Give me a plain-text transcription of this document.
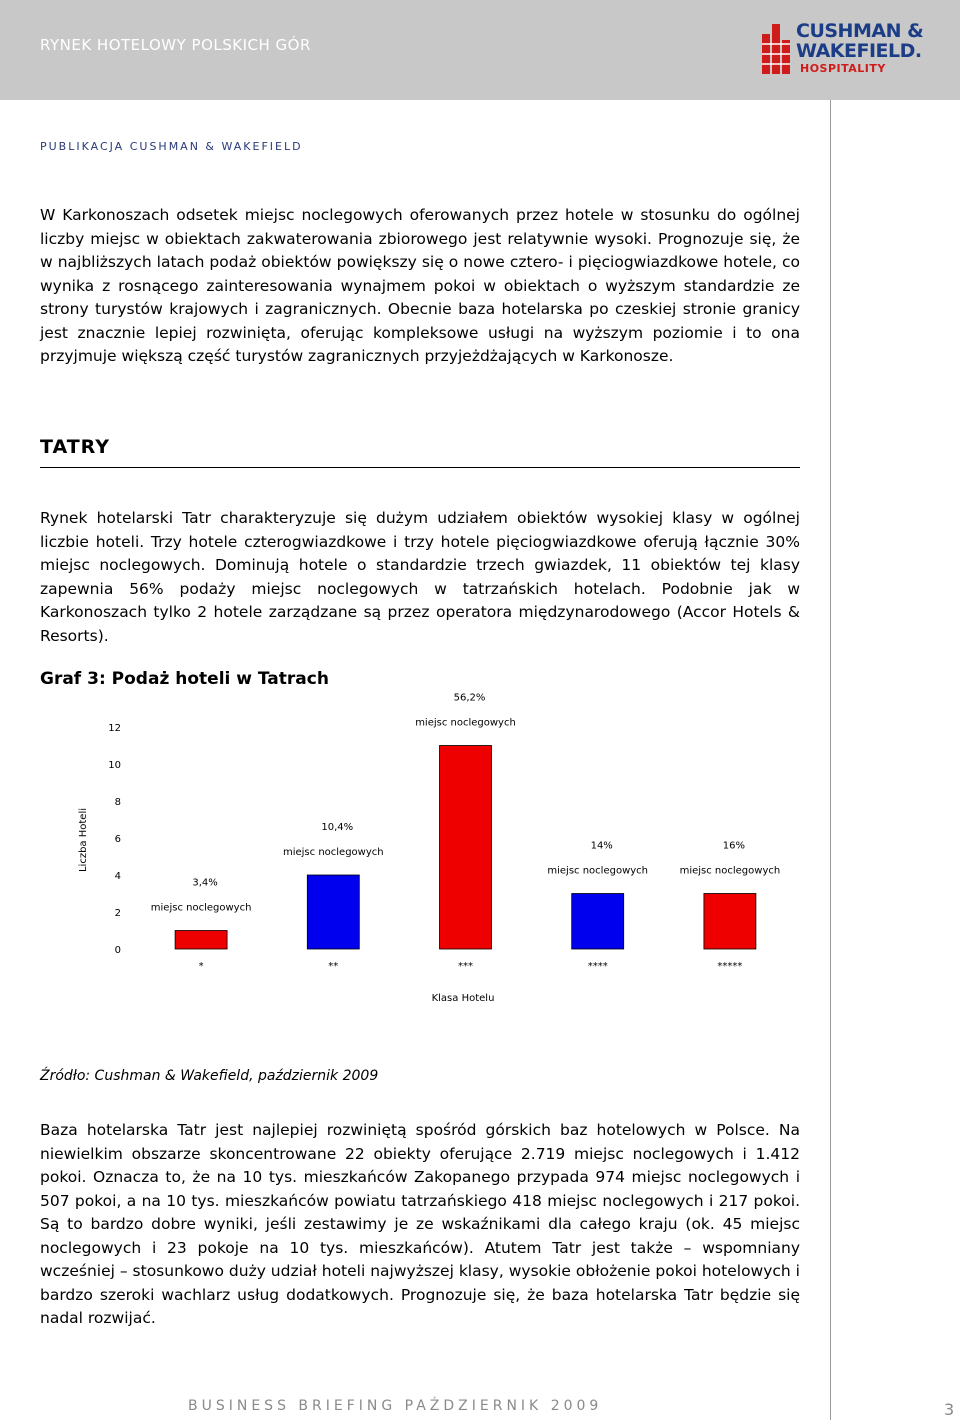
RYNEK HOTELOWY POLSKICH GÓR
CUSHMAN &
WAKEFIELD.
HOSPITALITY
PUBLIKACJA CUSHMAN & WAKEFIELD

W Karkonoszach odsetek miejsc noclegowych oferowanych przez hotele w stosunku do ogólnej liczby miejsc w obiektach zakwaterowania zbiorowego jest relatywnie wysoki. Prognozuje się, że w najbliższych latach podaż obiektów powiększy się o nowe cztero- i pięciogwiazdkowe hotele, co wynika z rosnącego zainteresowania wynajmem pokoi w obiektach o wyższym standardzie ze strony turystów krajowych i zagranicznych. Obecnie baza hotelarska po czeskiej stronie granicy jest znacznie lepiej rozwinięta, oferując kompleksowe usługi na wyższym poziomie i to ona przyjmuje większą część turystów zagranicznych przyjeżdżających w Karkonosze.

TATRY

Rynek hotelarski Tatr charakteryzuje się dużym udziałem obiektów wysokiej klasy w ogólnej liczbie hoteli. Trzy hotele czterogwiazdkowe i trzy hotele pięciogwiazdkowe oferują łącznie 30% miejsc noclegowych. Dominują hotele o standardzie trzech gwiazdek, 11 obiektów tej klasy zapewnia 56% podaży miejsc noclegowych w tatrzańskich hotelach. Podobnie jak w Karkonoszach tylko 2 hotele zarządzane są przez operatora międzynarodowego (Accor Hotels & Resorts).

Graf 3: Podaż hoteli w Tatrach
0
2
4
6
8
10
12
*	**	***	****	*****
3,4%
miejsc noclegowych
10,4%
miejsc noclegowych
56,2%
miejsc noclegowych
14%
miejsc noclegowych
16%
miejsc noclegowych
Liczba Hoteli
Klasa Hotelu
Źródło: Cushman & Wakefield, październik 2009

Baza hotelarska Tatr jest najlepiej rozwiniętą spośród górskich baz hotelowych w Polsce. Na niewielkim obszarze skoncentrowane 22 obiekty oferujące 2.719 miejsc noclegowych i 1.412 pokoi. Oznacza to, że na 10 tys. mieszkańców Zakopanego przypada 974 miejsc noclegowych i 507 pokoi, a na 10 tys. mieszkańców powiatu tatrzańskiego 418 miejsc noclegowych i 217 pokoi. Są to bardzo dobre wyniki, jeśli zestawimy je ze wskaźnikami dla całego kraju (ok. 45 miejsc noclegowych i 23 pokoje na 10 tys. mieszkańców). Atutem Tatr jest także – wspomniany wcześniej – stosunkowo duży udział hoteli najwyższej klasy, wysokie obłożenie pokoi hotelowych i bardzo szeroki wachlarz usług dodatkowych. Prognozuje się, że baza hotelarska Tatr będzie się nadal rozwijać.

BUSINESS BRIEFING PAŹDZIERNIK 2009	3
